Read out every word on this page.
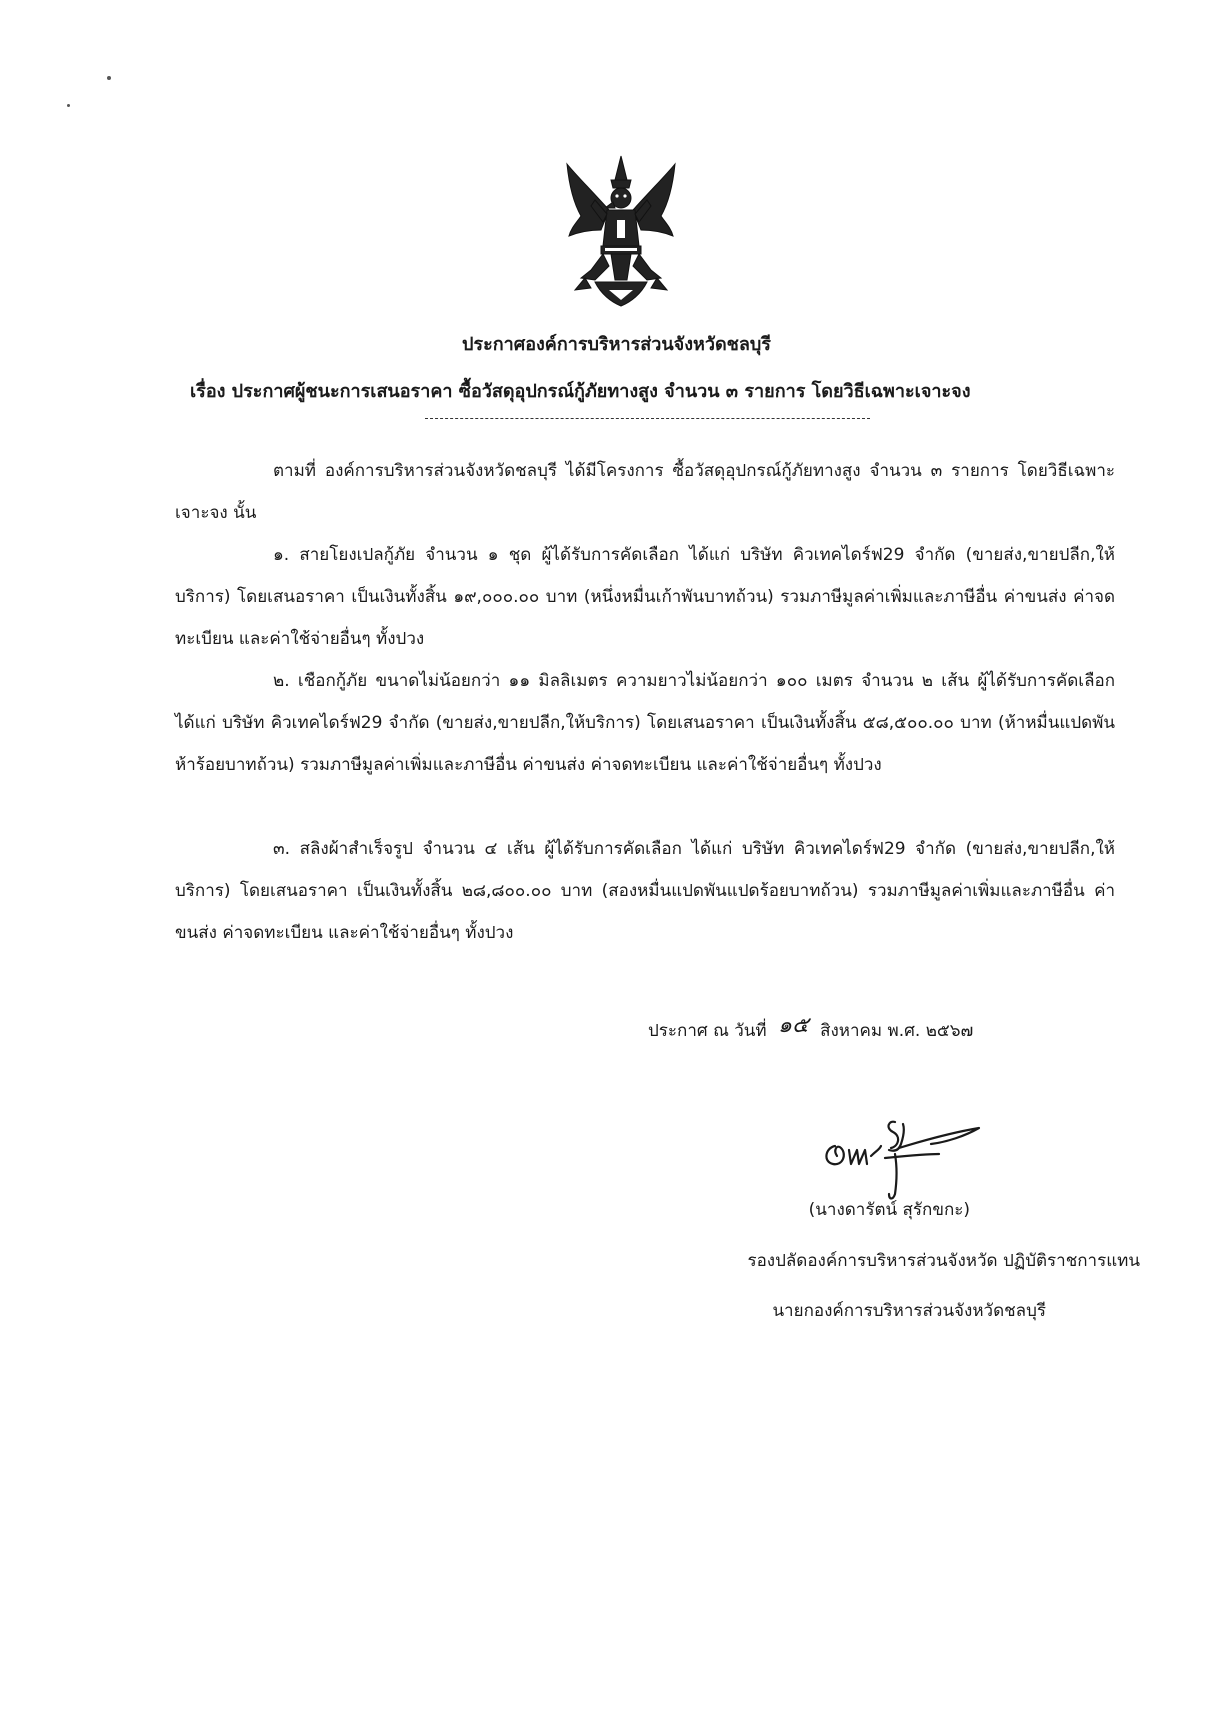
ประกาศองค์การบริหารส่วนจังหวัดชลบุรี
เรื่อง ประกาศผู้ชนะการเสนอราคา ซื้อวัสดุอุปกรณ์กู้ภัยทางสูง จำนวน ๓ รายการ โดยวิธีเฉพาะเจาะจง
ตามที่ องค์การบริหารส่วนจังหวัดชลบุรี ได้มีโครงการ ซื้อวัสดุอุปกรณ์กู้ภัยทางสูง จำนวน ๓ รายการ โดยวิธีเฉพาะเจาะจง นั้น
๑. สายโยงเปลกู้ภัย จำนวน ๑ ชุด ผู้ได้รับการคัดเลือก ได้แก่ บริษัท คิวเทคไดร์ฟ29 จำกัด (ขายส่ง,ขายปลีก,ให้บริการ) โดยเสนอราคา เป็นเงินทั้งสิ้น ๑๙,๐๐๐.๐๐ บาท (หนึ่งหมื่นเก้าพันบาทถ้วน) รวมภาษีมูลค่าเพิ่มและภาษีอื่น ค่าขนส่ง ค่าจดทะเบียน และค่าใช้จ่ายอื่นๆ ทั้งปวง
๒. เชือกกู้ภัย ขนาดไม่น้อยกว่า ๑๑ มิลลิเมตร ความยาวไม่น้อยกว่า ๑๐๐ เมตร จำนวน ๒ เส้น ผู้ได้รับการคัดเลือก ได้แก่ บริษัท คิวเทคไดร์ฟ29 จำกัด (ขายส่ง,ขายปลีก,ให้บริการ) โดยเสนอราคา เป็นเงินทั้งสิ้น ๕๘,๕๐๐.๐๐ บาท (ห้าหมื่นแปดพันห้าร้อยบาทถ้วน) รวมภาษีมูลค่าเพิ่มและภาษีอื่น ค่าขนส่ง ค่าจดทะเบียน และค่าใช้จ่ายอื่นๆ ทั้งปวง
๓. สลิงผ้าสำเร็จรูป จำนวน ๔ เส้น ผู้ได้รับการคัดเลือก ได้แก่ บริษัท คิวเทคไดร์ฟ29 จำกัด (ขายส่ง,ขายปลีก,ให้บริการ) โดยเสนอราคา เป็นเงินทั้งสิ้น ๒๘,๘๐๐.๐๐ บาท (สองหมื่นแปดพันแปดร้อยบาทถ้วน) รวมภาษีมูลค่าเพิ่มและภาษีอื่น ค่าขนส่ง ค่าจดทะเบียน และค่าใช้จ่ายอื่นๆ ทั้งปวง
ประกาศ ณ วันที่ ๑๕ สิงหาคม พ.ศ. ๒๕๖๗
(นางดารัตน์ สุรักขกะ)
รองปลัดองค์การบริหารส่วนจังหวัด ปฏิบัติราชการแทน
นายกองค์การบริหารส่วนจังหวัดชลบุรี
